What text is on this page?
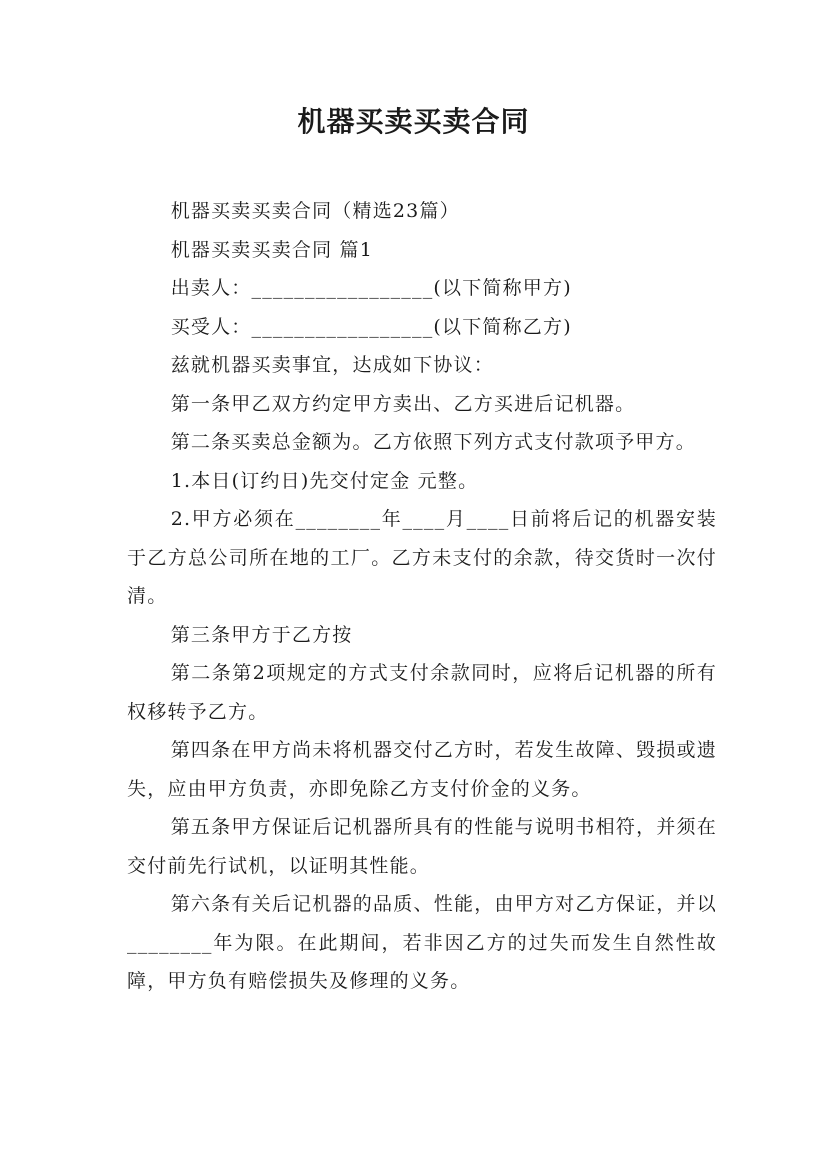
机器买卖买卖合同

机器买卖买卖合同（精选23篇）

机器买卖买卖合同 篇1

出卖人：_________________(以下简称甲方)

买受人：_________________(以下简称乙方)

兹就机器买卖事宜，达成如下协议：

第一条甲乙双方约定甲方卖出、乙方买进后记机器。

第二条买卖总金额为。乙方依照下列方式支付款项予甲方。

1.本日(订约日)先交付定金 元整。

2.甲方必须在________年____月____日前将后记的机器安装于乙方总公司所在地的工厂。乙方未支付的余款，待交货时一次付清。

第三条甲方于乙方按

第二条第2项规定的方式支付余款同时，应将后记机器的所有权移转予乙方。

第四条在甲方尚未将机器交付乙方时，若发生故障、毁损或遗失，应由甲方负责，亦即免除乙方支付价金的义务。

第五条甲方保证后记机器所具有的性能与说明书相符，并须在交付前先行试机，以证明其性能。

第六条有关后记机器的品质、性能，由甲方对乙方保证，并以________年为限。在此期间，若非因乙方的过失而发生自然性故障，甲方负有赔偿损失及修理的义务。
